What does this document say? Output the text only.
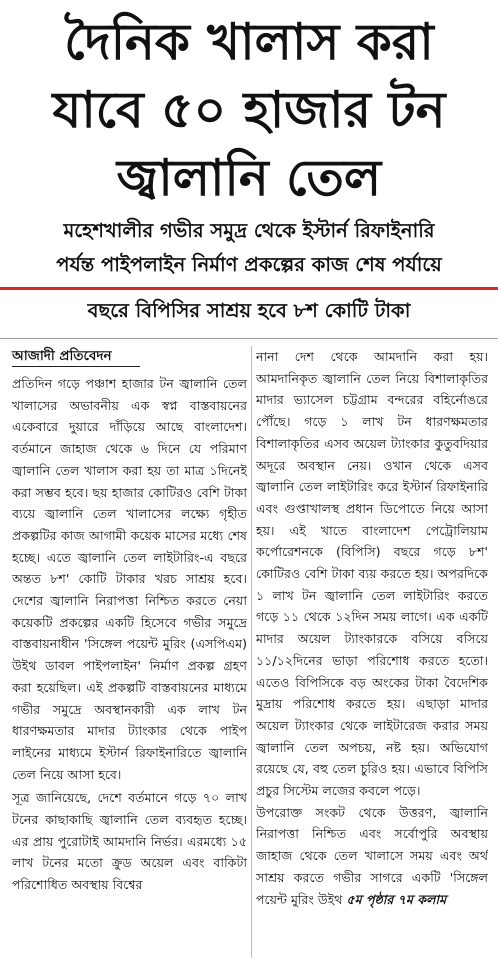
দৈনিক খালাস করা
যাবে ৫০ হাজার টন
জ্বালানি তেল
মহেশখালীর গভীর সমুদ্র থেকে ইস্টার্ন রিফাইনারি
পর্যন্ত পাইপলাইন নির্মাণ প্রকল্পের কাজ শেষ পর্যায়ে
বছরে বিপিসির সাশ্রয় হবে ৮শ কোটি টাকা
আজাদী প্রতিবেদন

প্রতিদিন গড়ে পঞ্চাশ হাজার টন জ্বালানি তেল খালাসের অভাবনীয় এক স্বপ্ন বাস্তবায়নের একেবারে দুয়ারে দাঁড়িয়ে আছে বাংলাদেশ। বর্তমানে জাহাজ থেকে ৬ দিনে যে পরিমাণ জ্বালানি তেল খালাস করা হয় তা মাত্র ১দিনেই করা সম্ভব হবে। ছয় হাজার কোটিরও বেশি টাকা ব্যয়ে জ্বালানি তেল খালাসের লক্ষ্যে গৃহীত প্রকল্পটির কাজ আগামী কয়েক মাসের মধ্যে শেষ হচ্ছে। এতে জ্বালানি তেল লাইটারিং-এ বছরে অন্তত ৮শ' কোটি টাকার খরচ সাশ্রয় হবে। দেশের জ্বালানি নিরাপত্তা নিশ্চিত করতে নেয়া কয়েকটি প্রকল্পের একটি হিসেবে গভীর সমুদ্রে বাস্তবায়নাধীন 'সিঙ্গেল পয়েন্ট মুরিং (এসপিএম) উইথ ডাবল পাইপলাইন' নির্মাণ প্রকল্প গ্রহণ করা হয়েছিল। এই প্রকল্পটি বাস্তবায়নের মাধ্যমে গভীর সমুদ্রে অবস্থানকারী এক লাখ টন ধারণক্ষমতার মাদার ট্যাংকার থেকে পাইপ লাইনের মাধ্যমে ইস্টার্ন রিফাইনারিতে জ্বালানি তেল নিয়ে আসা হবে।

সূত্র জানিয়েছে, দেশে বর্তমানে গড়ে ৭০ লাখ টনের কাছাকাছি জ্বালানি তেল ব্যবহৃত হচ্ছে। এর প্রায় পুরোটাই আমদানি নির্ভর। এরমধ্যে ১৫ লাখ টনের মতো ক্রুড অয়েল এবং বাকিটা পরিশোধিত অবস্থায় বিশ্বের

নানা দেশ থেকে আমদানি করা হয়। আমদানিকৃত জ্বালানি তেল নিয়ে বিশালাকৃতির মাদার ভ্যাসেল চট্টগ্রাম বন্দরের বহির্নোঙরে পৌঁছে। গড়ে ১ লাখ টন ধারণক্ষমতার বিশালাকৃতির এসব অয়েল ট্যাংকার কুতুবদিয়ার অদূরে অবস্থান নেয়। ওখান থেকে এসব জ্বালানি তেল লাইটারিং করে ইস্টার্ন রিফাইনারি এবং গুপ্তাখালস্থ প্রধান ডিপোতে নিয়ে আসা হয়। এই খাতে বাংলাদেশ পেট্রোলিয়াম কর্পোরেশনকে (বিপিসি) বছরে গড়ে ৮শ' কোটিরও বেশি টাকা ব্যয় করতে হয়। অপরদিকে ১ লাখ টন জ্বালানি তেল লাইটারিং করতে গড়ে ১১ থেকে ১২দিন সময় লাগে। এক একটি মাদার অয়েল ট্যাংকারকে বসিয়ে বসিয়ে ১১/১২দিনের ভাড়া পরিশোধ করতে হতো। এতেও বিপিসিকে বড় অংকের টাকা বৈদেশিক মুদ্রায় পরিশোধ করতে হয়। এছাড়া মাদার অয়েল ট্যাংকার থেকে লাইটারেজ করার সময় জ্বালানি তেল অপচয়, নষ্ট হয়। অভিযোগ রয়েছে যে, বহু তেল চুরিও হয়। এভাবে বিপিসি প্রচুর সিস্টেম লজের কবলে পড়ে।

উপরোক্ত সংকট থেকে উত্তরণ, জ্বালানি নিরাপত্তা নিশ্চিত এবং সর্বোপুরি অবস্থায় জাহাজ থেকে তেল খালাসে সময় এবং অর্থ সাশ্রয় করতে গভীর সাগরে একটি 'সিঙ্গেল পয়েন্ট মুরিং উইথ ৫ম পৃষ্ঠার ৭ম কলাম
